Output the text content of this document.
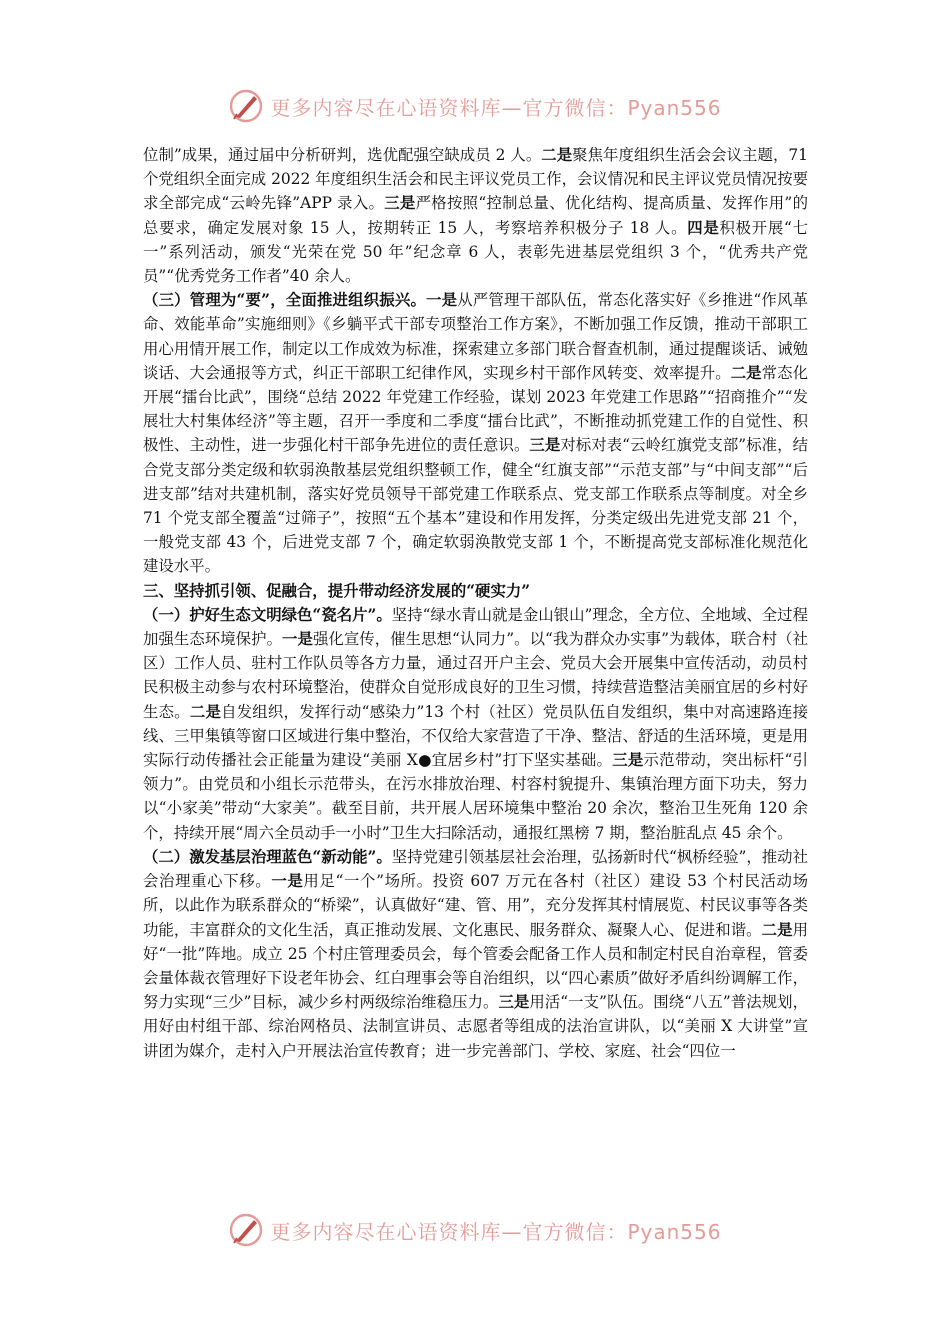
更多内容尽在心语资料库—官方微信：Pyan556

位制”成果，通过届中分析研判，选优配强空缺成员 2 人。二是聚焦年度组织生活会会议主题，71 个党组织全面完成 2022 年度组织生活会和民主评议党员工作，会议情况和民主评议党员情况按要求全部完成“云岭先锋”APP 录入。三是严格按照“控制总量、优化结构、提高质量、发挥作用”的总要求，确定发展对象 15 人，按期转正 15 人，考察培养积极分子 18 人。四是积极开展“七一”系列活动，颁发“光荣在党 50 年”纪念章 6 人，表彰先进基层党组织 3 个，“优秀共产党员”“优秀党务工作者”40 余人。

（三）管理为“要”，全面推进组织振兴。一是从严管理干部队伍，常态化落实好《乡推进“作风革命、效能革命”实施细则》《乡躺平式干部专项整治工作方案》，不断加强工作反馈，推动干部职工用心用情开展工作，制定以工作成效为标准，探索建立多部门联合督查机制，通过提醒谈话、诫勉谈话、大会通报等方式，纠正干部职工纪律作风，实现乡村干部作风转变、效率提升。二是常态化开展“擂台比武”，围绕“总结 2022 年党建工作经验，谋划 2023 年党建工作思路”“招商推介”“发展壮大村集体经济”等主题，召开一季度和二季度“擂台比武”，不断推动抓党建工作的自觉性、积极性、主动性，进一步强化村干部争先进位的责任意识。三是对标对表“云岭红旗党支部”标准，结合党支部分类定级和软弱涣散基层党组织整顿工作，健全“红旗支部”“示范支部”与“中间支部”“后进支部”结对共建机制，落实好党员领导干部党建工作联系点、党支部工作联系点等制度。对全乡 71 个党支部全覆盖“过筛子”，按照“五个基本”建设和作用发挥，分类定级出先进党支部 21 个，一般党支部 43 个，后进党支部 7 个，确定软弱涣散党支部 1 个，不断提高党支部标准化规范化建设水平。

三、坚持抓引领、促融合，提升带动经济发展的“硬实力”

（一）护好生态文明绿色“瓷名片”。坚持“绿水青山就是金山银山”理念，全方位、全地域、全过程加强生态环境保护。一是强化宣传，催生思想“认同力”。以“我为群众办实事”为载体，联合村（社区）工作人员、驻村工作队员等各方力量，通过召开户主会、党员大会开展集中宣传活动，动员村民积极主动参与农村环境整治，使群众自觉形成良好的卫生习惯，持续营造整洁美丽宜居的乡村好生态。二是自发组织，发挥行动“感染力”13 个村（社区）党员队伍自发组织，集中对高速路连接线、三甲集镇等窗口区域进行集中整治，不仅给大家营造了干净、整洁、舒适的生活环境，更是用实际行动传播社会正能量为建设“美丽 X●宜居乡村”打下坚实基础。三是示范带动，突出标杆“引领力”。由党员和小组长示范带头，在污水排放治理、村容村貌提升、集镇治理方面下功夫，努力以“小家美”带动“大家美”。截至目前，共开展人居环境集中整治 20 余次，整治卫生死角 120 余个，持续开展“周六全员动手一小时”卫生大扫除活动，通报红黑榜 7 期，整治脏乱点 45 余个。

（二）激发基层治理蓝色“新动能”。坚持党建引领基层社会治理，弘扬新时代“枫桥经验”，推动社会治理重心下移。一是用足“一个”场所。投资 607 万元在各村（社区）建设 53 个村民活动场所，以此作为联系群众的“桥梁”，认真做好“建、管、用”，充分发挥其村情展览、村民议事等各类功能，丰富群众的文化生活，真正推动发展、文化惠民、服务群众、凝聚人心、促进和谐。二是用好“一批”阵地。成立 25 个村庄管理委员会，每个管委会配备工作人员和制定村民自治章程，管委会量体裁衣管理好下设老年协会、红白理事会等自治组织，以“四心素质”做好矛盾纠纷调解工作，努力实现“三少”目标，减少乡村两级综治维稳压力。三是用活“一支”队伍。围绕“八五”普法规划，用好由村组干部、综治网格员、法制宣讲员、志愿者等组成的法治宣讲队，以“美丽 X 大讲堂”宣讲团为媒介，走村入户开展法治宣传教育；进一步完善部门、学校、家庭、社会“四位一

更多内容尽在心语资料库—官方微信：Pyan556
